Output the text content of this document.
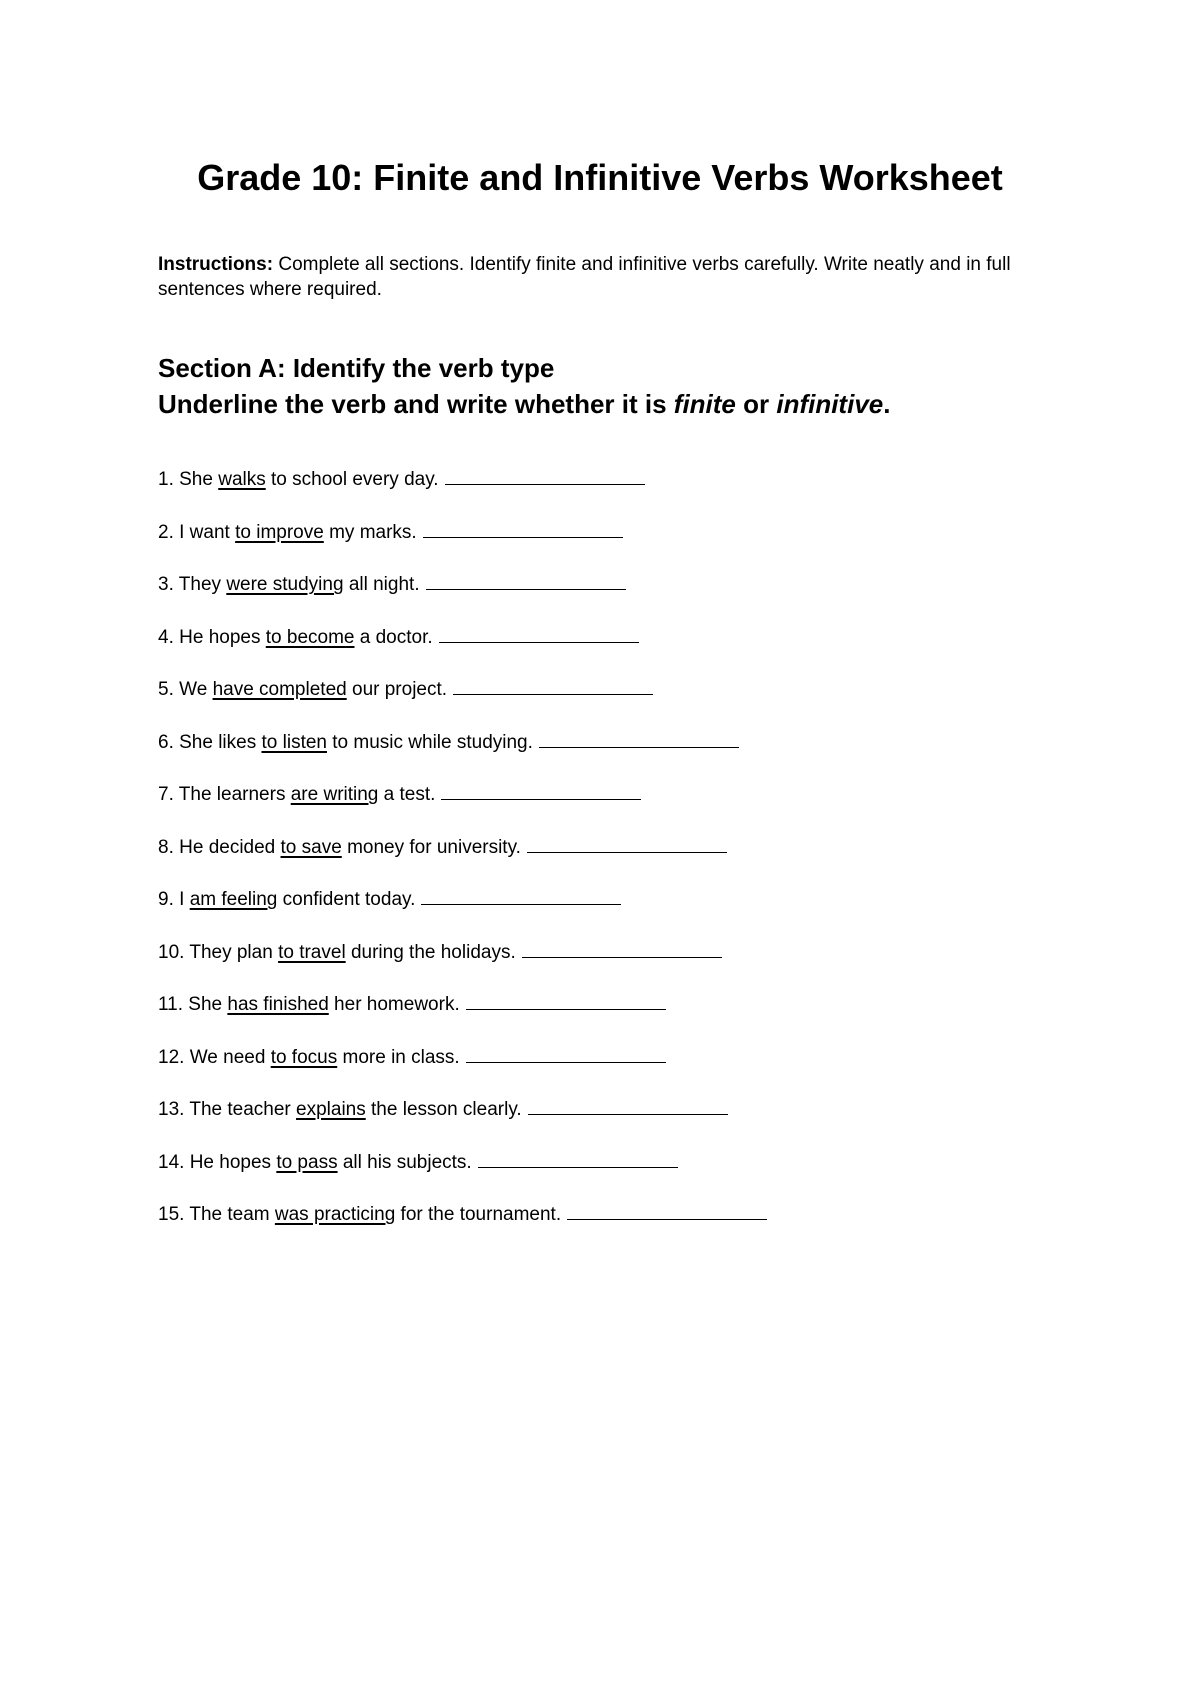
Grade 10: Finite and Infinitive Verbs Worksheet

Instructions: Complete all sections. Identify finite and infinitive verbs carefully. Write neatly and in full sentences where required.

Section A: Identify the verb type
Underline the verb and write whether it is finite or infinitive.
1. She walks to school every day.
2. I want to improve my marks.
3. They were studying all night.
4. He hopes to become a doctor.
5. We have completed our project.
6. She likes to listen to music while studying.
7. The learners are writing a test.
8. He decided to save money for university.
9. I am feeling confident today.
10. They plan to travel during the holidays.
11. She has finished her homework.
12. We need to focus more in class.
13. The teacher explains the lesson clearly.
14. He hopes to pass all his subjects.
15. The team was practicing for the tournament.
